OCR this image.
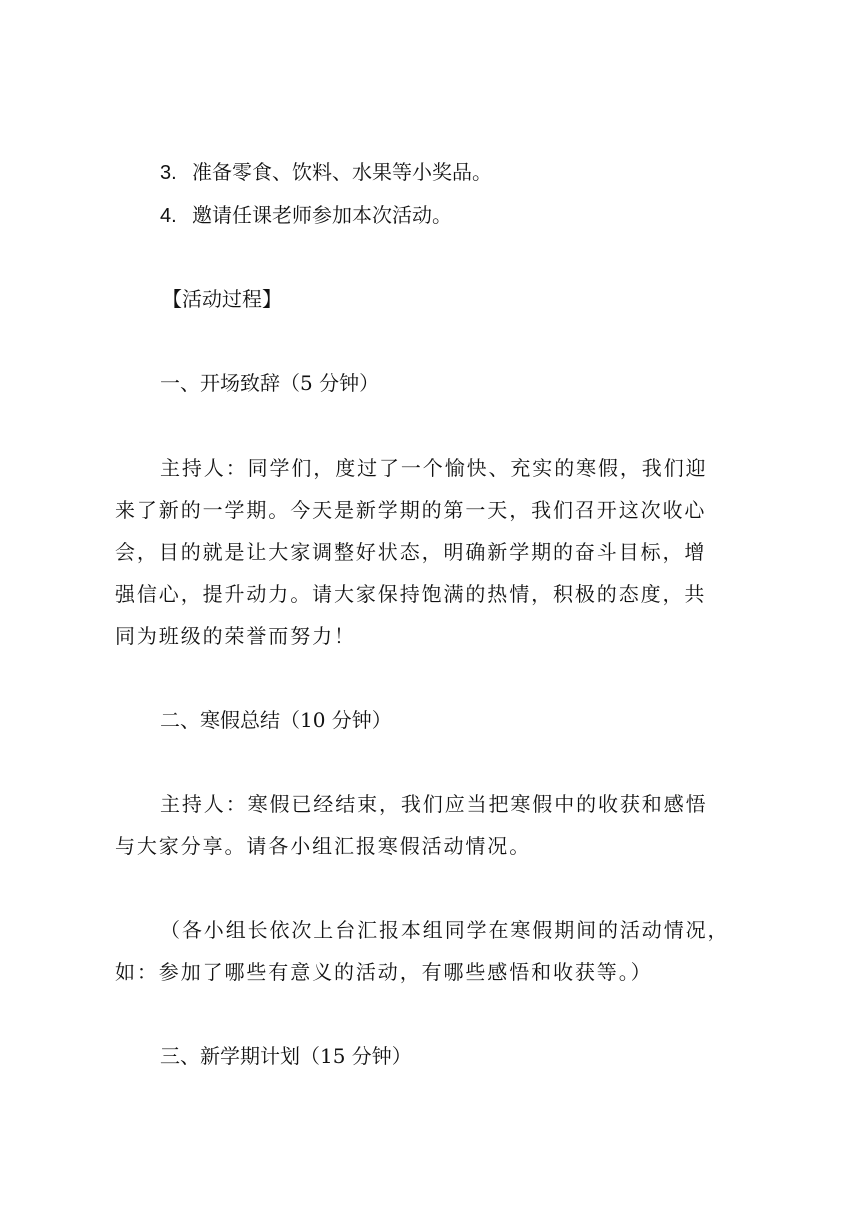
3. 准备零食、饮料、水果等小奖品。
4. 邀请任课老师参加本次活动。
【活动过程】
一、开场致辞（5 分钟）
主持人：同学们，度过了一个愉快、充实的寒假，我们迎
来了新的一学期。今天是新学期的第一天，我们召开这次收心
会，目的就是让大家调整好状态，明确新学期的奋斗目标，增
强信心，提升动力。请大家保持饱满的热情，积极的态度，共
同为班级的荣誉而努力！
二、寒假总结（10 分钟）
主持人：寒假已经结束，我们应当把寒假中的收获和感悟
与大家分享。请各小组汇报寒假活动情况。
（各小组长依次上台汇报本组同学在寒假期间的活动情况，
如：参加了哪些有意义的活动，有哪些感悟和收获等。）
三、新学期计划（15 分钟）
